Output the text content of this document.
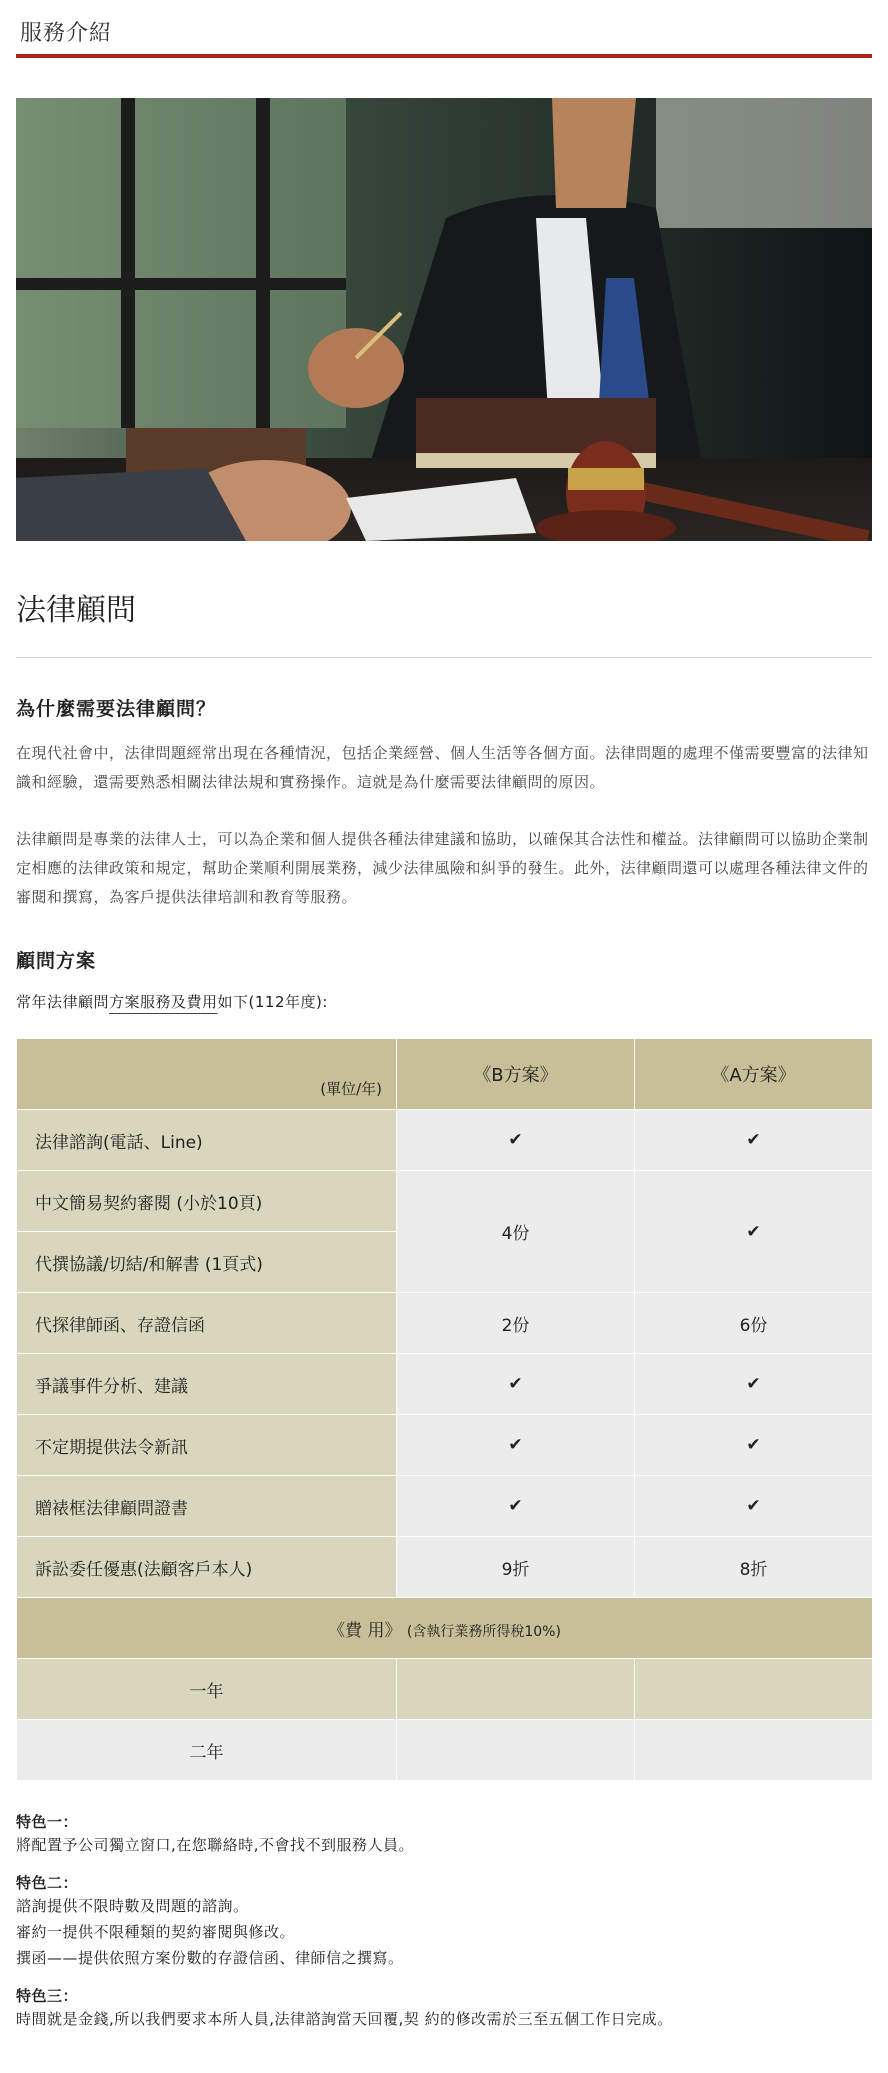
服務介紹
法律顧問
為什麼需要法律顧問？

在現代社會中，法律問題經常出現在各種情況，包括企業經營、個人生活等各個方面。法律問題的處理不僅需要豐富的法律知識和經驗，還需要熟悉相關法律法規和實務操作。這就是為什麼需要法律顧問的原因。

法律顧問是專業的法律人士，可以為企業和個人提供各種法律建議和協助，以確保其合法性和權益。法律顧問可以協助企業制定相應的法律政策和規定，幫助企業順利開展業務，減少法律風險和糾爭的發生。此外，法律顧問還可以處理各種法律文件的審閱和撰寫，為客戶提供法律培訓和教育等服務。

顧問方案

常年法律顧問方案服務及費用如下(112年度):

(單位/年)	《B方案》	《A方案》
法律諮詢(電話、Line)	✔	✔
中文簡易契約審閱 (小於10頁)	4份	✔
代撰協議/切結/和解書 (1頁式)		
代探律師函、存證信函	2份	6份
爭議事件分析、建議	✔	✔
不定期提供法令新訊	✔	✔
贈裱框法律顧問證書	✔	✔
訴訟委任優惠(法顧客戶本人)	9折	8折
《費 用》 (含執行業務所得稅10%)		
一年		
二年		
特色一：
將配置予公司獨立窗口,在您聯絡時,不會找不到服務人員。
特色二：
諮詢提供不限時數及問題的諮詢。
審約一提供不限種類的契約審閱與修改。
撰函——提供依照方案份數的存證信函、律師信之撰寫。
特色三：
時間就是金錢,所以我們要求本所人員,法律諮詢當天回覆,契 約的修改需於三至五個工作日完成。
